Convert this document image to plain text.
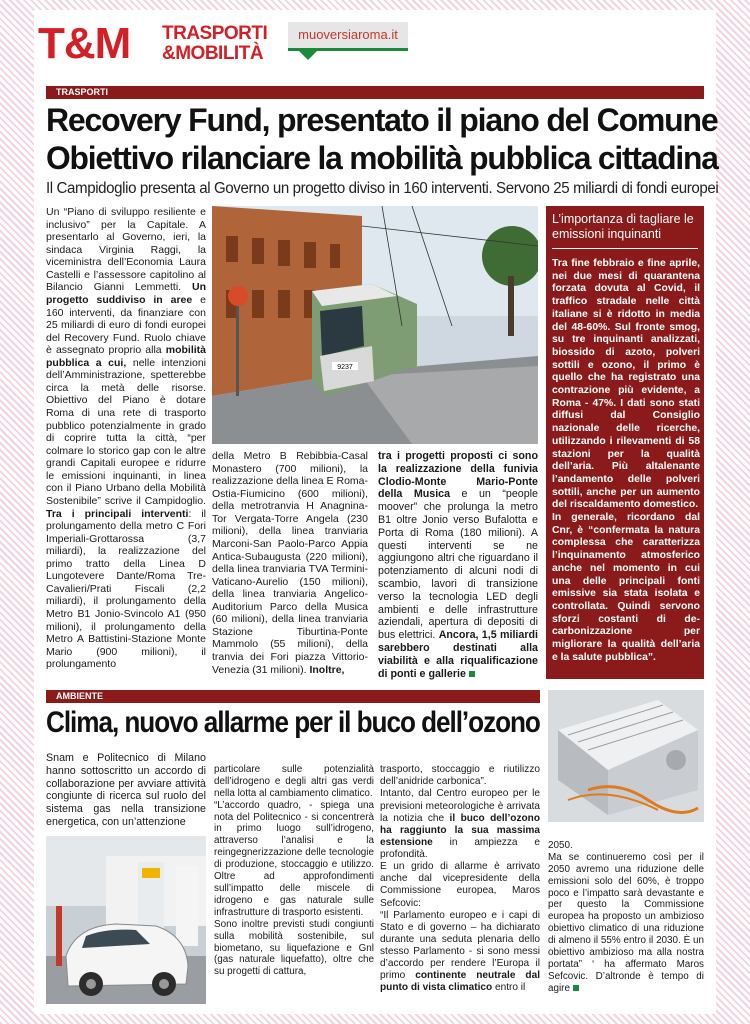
T&M TRASPORTI
&MOBILITÀ
muoversiaroma.it
TRASPORTI
Recovery Fund, presentato il piano del Comune
Obiettivo rilanciare la mobilità pubblica cittadina
Il Campidoglio presenta al Governo un progetto diviso in 160 interventi. Servono 25 miliardi di fondi europei
9237

Un “Piano di sviluppo resiliente e inclusivo” per la Capitale. A presentarlo al Governo, ieri, la sindaca Virginia Raggi, la viceministra dell’Economia Laura Castelli e l’assessore capitolino al Bilancio Gianni Lemmetti. Un progetto suddiviso in aree e 160 interventi, da finanziare con 25 miliardi di euro di fondi europei del Recovery Fund. Ruolo chiave è assegnato proprio alla mobilità pubblica a cui, nelle intenzioni dell’Amministrazione, spetterebbe circa la metà delle risorse. Obiettivo del Piano è dotare Roma di una rete di trasporto pubblico potenzialmente in grado di coprire tutta la città, “per colmare lo storico gap con le altre grandi Capitali europee e ridurre le emissioni inquinanti, in linea con il Piano Urbano della Mobilità Sostenibile” scrive il Campidoglio. Tra i principali interventi: il prolungamento della metro C Fori Imperiali-Grottarossa (3,7 miliardi), la realizzazione del primo tratto della Linea D Lungotevere Dante/Roma Tre-Cavalieri/Prati Fiscali (2,2 miliardi), il prolungamento della Metro B1 Jonio-Svincolo A1 (950 milioni), il prolungamento della Metro A Battistini-Stazione Monte Mario (900 milioni), il prolungamento

della Metro B Rebibbia-Casal Monastero (700 milioni), la realizzazione della linea E Roma-Ostia-Fiumicino (600 milioni), della metrotranvia H Anagnina-Tor Vergata-Torre Angela (230 milioni), della linea tranviaria Marconi-San Paolo-Parco Appia Antica-Subaugusta (220 milioni), della linea tranviaria TVA Termini-Vaticano-Aurelio (150 milioni), della linea tranviaria Angelico-Auditorium Parco della Musica (60 milioni), della linea tranviaria Stazione Tiburtina-Ponte Mammolo (55 milioni), della tranvia dei Fori piazza Vittorio-Venezia (31 milioni). Inoltre,

tra i progetti proposti ci sono la realizzazione della funivia Clodio-Monte Mario-Ponte della Musica e un “people moover” che prolunga la metro B1 oltre Jonio verso Bufalotta e Porta di Roma (180 milioni). A questi interventi se ne aggiungono altri che riguardano il potenziamento di alcuni nodi di scambio, lavori di transizione verso la tecnologia LED degli ambienti e delle infrastrutture aziendali, apertura di depositi di bus elettrici. Ancora, 1,5 miliardi sarebbero destinati alla viabilità e alla riqualificazione di ponti e gallerie

L’importanza di tagliare le emissioni inquinanti
Tra fine febbraio e fine aprile, nei due mesi di quarantena forzata dovuta al Covid, il traffico stradale nelle città italiane si è ridotto in media del 48-60%. Sul fronte smog, su tre inquinanti analizzati, biossido di azoto, polveri sottili e ozono, il primo è quello che ha registrato una contrazione più evidente, a Roma - 47%. I dati sono stati diffusi dal Consiglio nazionale delle ricerche, utilizzando i rilevamenti di 58 stazioni per la qualità dell’aria. Più altalenante l’andamento delle polveri sottili, anche per un aumento del riscaldamento domestico.
In generale, ricordano dal Cnr, è “confermata la natura complessa che caratterizza l’inquinamento atmosferico anche nel momento in cui una delle principali fonti emissive sia stata isolata e controllata. Quindi servono sforzi costanti di de-carbonizzazione per migliorare la qualità dell’aria e la salute pubblica”.
AMBIENTE
Clima, nuovo allarme per il buco dell’ozono

Snam e Politecnico di Milano hanno sottoscritto un accordo di collaborazione per avviare attività congiunte di ricerca sul ruolo del sistema gas nella transizione energetica, con un’attenzione

particolare sulle potenzialità dell’idrogeno e degli altri gas verdi nella lotta al cambiamento climatico.
“L’accordo quadro, - spiega una nota del Politecnico - si concentrerà in primo luogo sull’idrogeno, attraverso l’analisi e la reingegnerizzazione delle tecnologie di produzione, stoccaggio e utilizzo. Oltre ad approfondimenti sull’impatto delle miscele di idrogeno e gas naturale sulle infrastrutture di trasporto esistenti.
Sono inoltre previsti studi congiunti sulla mobilità sostenibile, sul biometano, su liquefazione e Gnl (gas naturale liquefatto), oltre che su progetti di cattura,

trasporto, stoccaggio e riutilizzo dell’anidride carbonica”.
Intanto, dal Centro europeo per le previsioni meteorologiche è arrivata la notizia che il buco dell’ozono ha raggiunto la sua massima estensione in ampiezza e profondità.
E un grido di allarme è arrivato anche dal vicepresidente della Commissione europea, Maros Sefcovic:
“Il Parlamento europeo e i capi di Stato e di governo – ha dichiarato durante una seduta plenaria dello stesso Parlamento - si sono messi d’accordo per rendere l’Europa il primo continente neutrale dal punto di vista climatico entro il

2050.
Ma se continueremo così per il 2050 avremo una riduzione delle emissioni solo del 60%, è troppo poco e l’impatto sarà devastante e per questo la Commissione europea ha proposto un ambizioso obiettivo climatico di una riduzione di almeno il 55% entro il 2030. È un obiettivo ambizioso ma alla nostra portata” ‘ ha affermato Maros Sefcovic. D’altronde è tempo di agire
